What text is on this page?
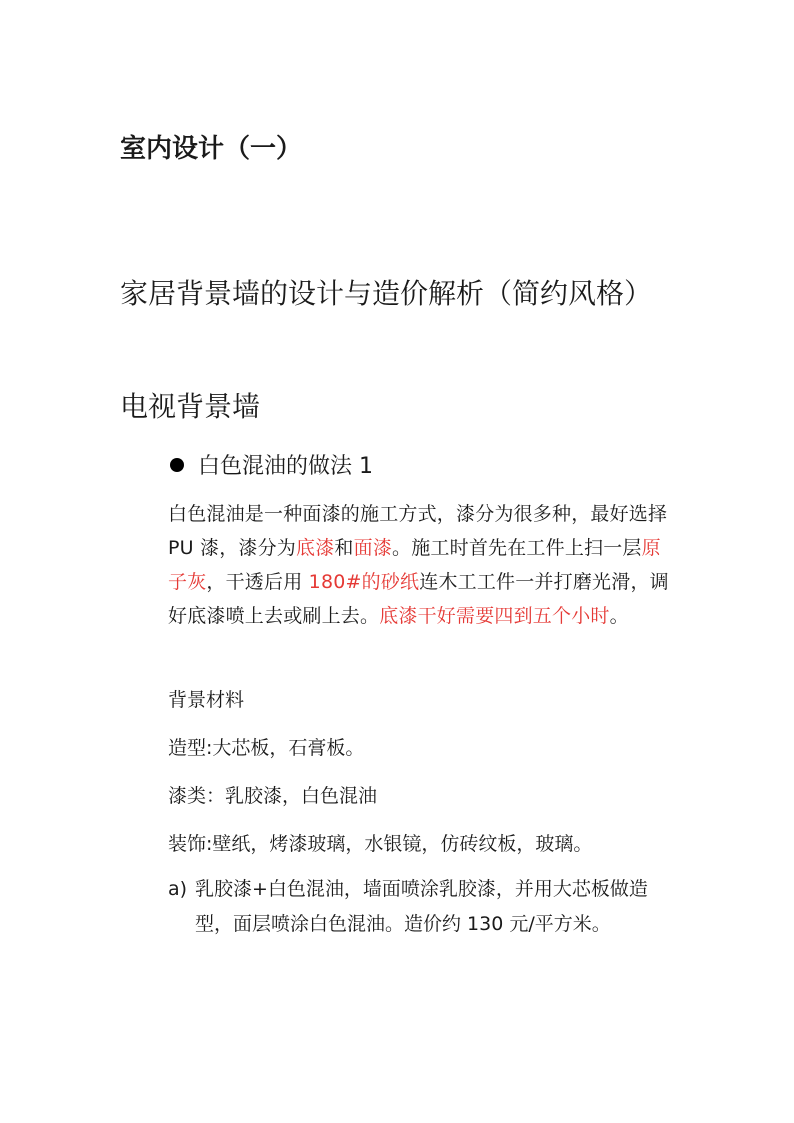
室内设计（一）
家居背景墙的设计与造价解析（简约风格）
电视背景墙
白色混油的做法 1
白色混油是一种面漆的施工方式，漆分为很多种，最好选择 PU 漆，漆分为底漆和面漆。施工时首先在工件上扫一层原子灰，干透后用 180#的砂纸连木工工件一并打磨光滑，调好底漆喷上去或刷上去。底漆干好需要四到五个小时。
背景材料
造型:大芯板，石膏板。
漆类：乳胶漆，白色混油
装饰:壁纸，烤漆玻璃，水银镜，仿砖纹板，玻璃。
a) 乳胶漆+白色混油，墙面喷涂乳胶漆，并用大芯板做造型，面层喷涂白色混油。造价约 130 元/平方米。
